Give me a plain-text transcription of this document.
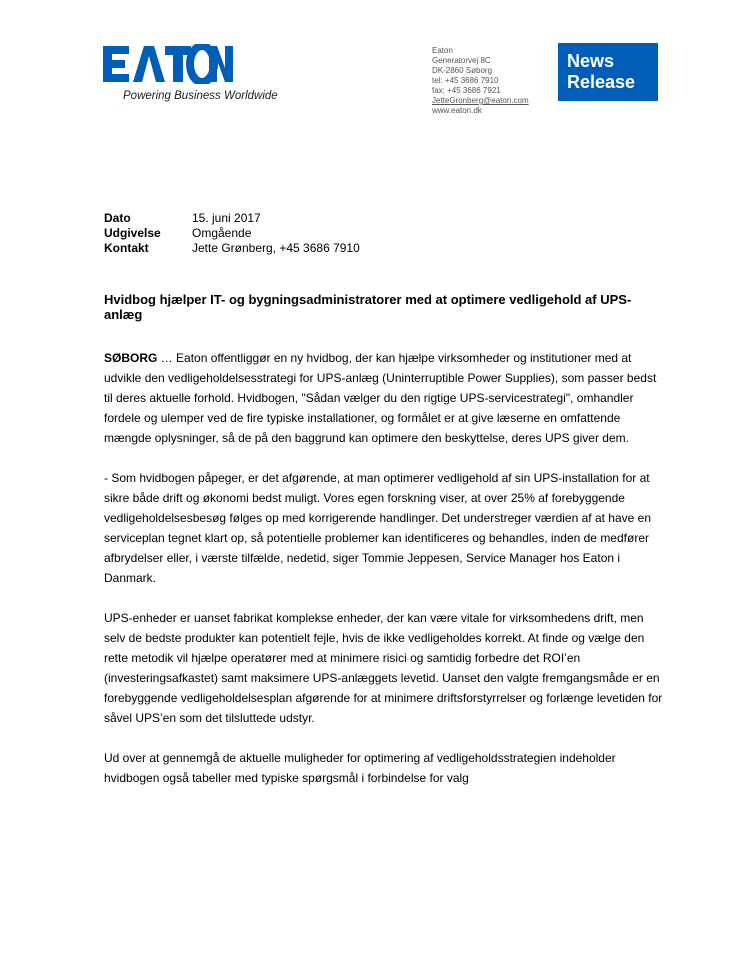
Powering Business Worldwide
Eaton
Generatorvej 8C
DK-2860 Søborg
tel: +45 3686 7910
fax: +45 3686 7921
JetteGronberg@eaton.com
www.eaton.dk
News
Release
Dato	15. juni 2017
Udgivelse	Omgående
Kontakt	Jette Grønberg, +45 3686 7910
Hvidbog hjælper IT- og bygningsadministratorer med at optimere vedligehold af UPS-anlæg

SØBORG … Eaton offentliggør en ny hvidbog, der kan hjælpe virksomheder og institutioner med at udvikle den vedligeholdelsesstrategi for UPS-anlæg (Uninterruptible Power Supplies), som passer bedst til deres aktuelle forhold. Hvidbogen, "Sådan vælger du den rigtige UPS-servicestrategi", omhandler fordele og ulemper ved de fire typiske installationer, og formålet er at give læserne en omfattende mængde oplysninger, så de på den baggrund kan optimere den beskyttelse, deres UPS giver dem.

- Som hvidbogen påpeger, er det afgørende, at man optimerer vedligehold af sin UPS-installation for at sikre både drift og økonomi bedst muligt. Vores egen forskning viser, at over 25% af forebyggende vedligeholdelsesbesøg følges op med korrigerende handlinger. Det understreger værdien af at have en serviceplan tegnet klart op, så potentielle problemer kan identificeres og behandles, inden de medfører afbrydelser eller, i værste tilfælde, nedetid, siger Tommie Jeppesen, Service Manager hos Eaton i Danmark.

UPS-enheder er uanset fabrikat komplekse enheder, der kan være vitale for virksomhedens drift, men selv de bedste produkter kan potentielt fejle, hvis de ikke vedligeholdes korrekt. At finde og vælge den rette metodik vil hjælpe operatører med at minimere risici og samtidig forbedre det ROI’en (investeringsafkastet) samt maksimere UPS-anlæggets levetid. Uanset den valgte fremgangsmåde er en forebyggende vedligeholdelsesplan afgørende for at minimere driftsforstyrrelser og forlænge levetiden for såvel UPS’en som det tilsluttede udstyr.

Ud over at gennemgå de aktuelle muligheder for optimering af vedligeholdsstrategien indeholder hvidbogen også tabeller med typiske spørgsmål i forbindelse for valg
